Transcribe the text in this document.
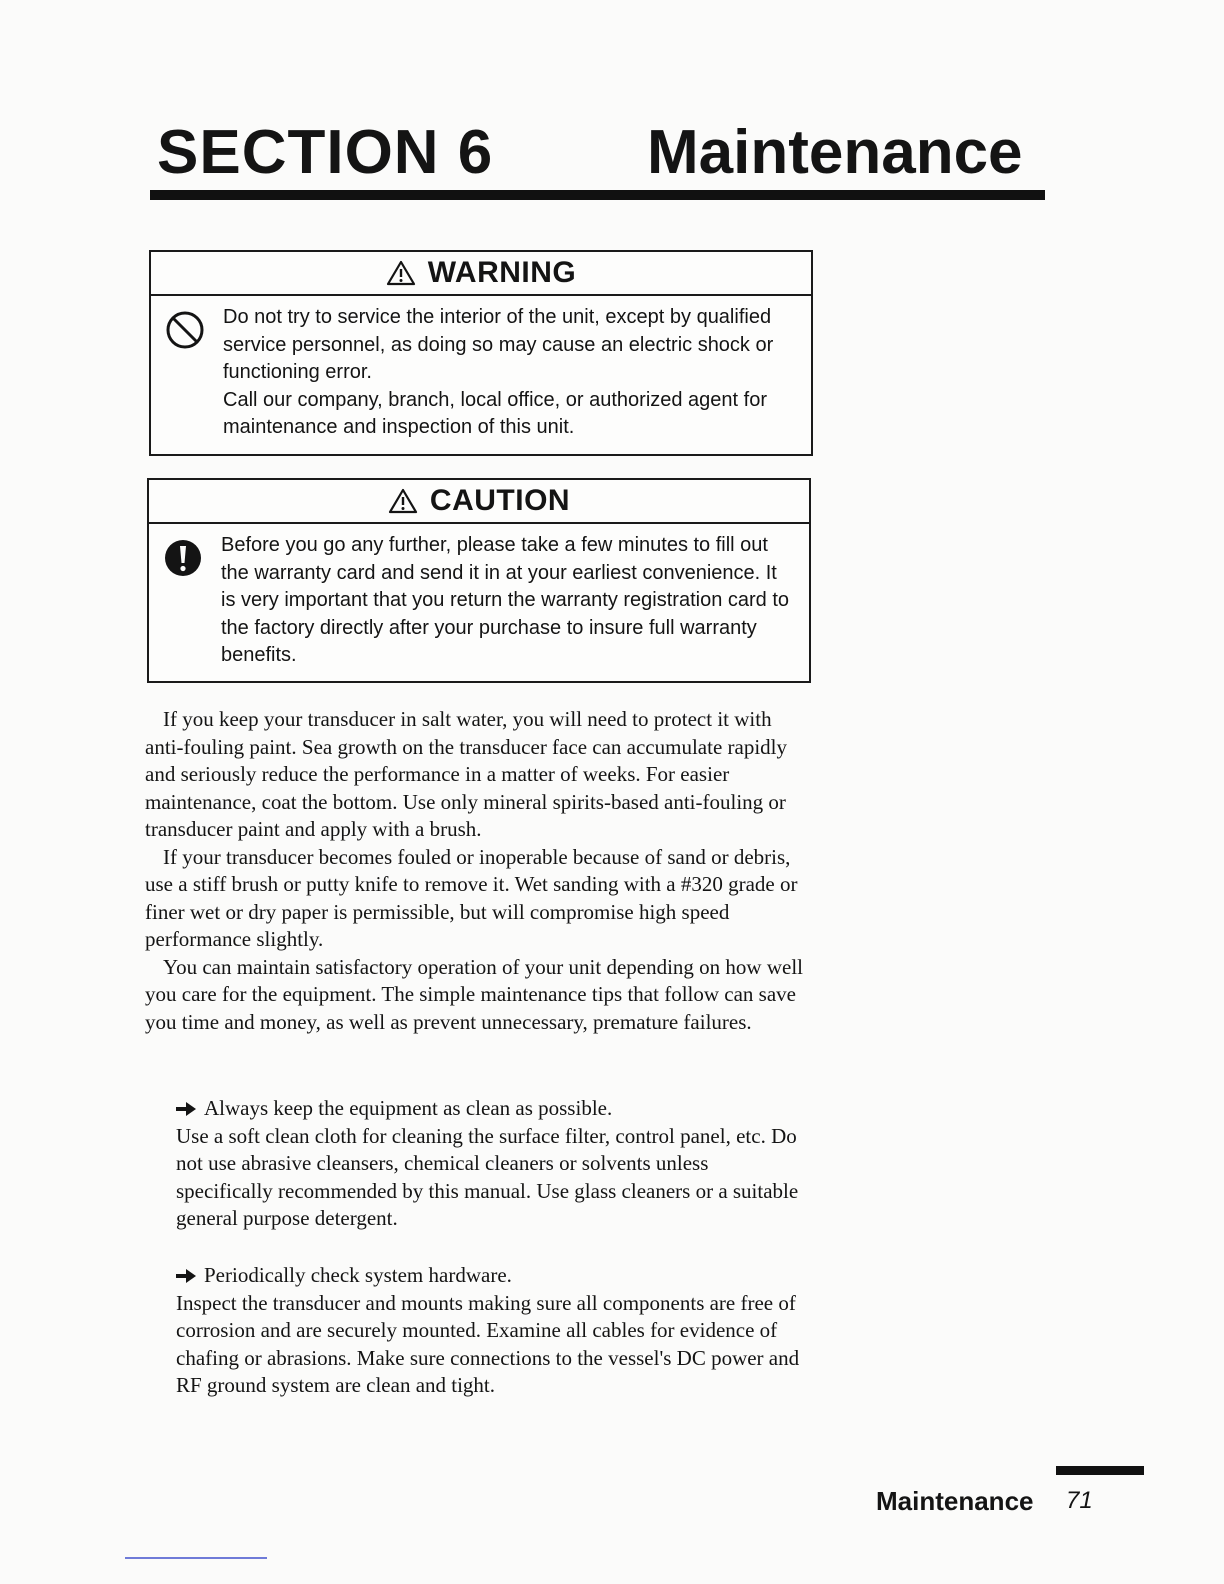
SECTION 6 Maintenance
WARNING

Do not try to service the interior of the unit, except by qualified service personnel, as doing so may cause an electric shock or functioning error.

Call our company, branch, local office, or authorized agent for maintenance and inspection of this unit.

CAUTION

Before you go any further, please take a few minutes to fill out the warranty card and send it in at your earliest convenience. It is very important that you return the warranty registration card to the factory directly after your purchase to insure full warranty benefits.

If you keep your transducer in salt water, you will need to protect it with anti-fouling paint. Sea growth on the transducer face can accumulate rapidly and seriously reduce the performance in a matter of weeks. For easier maintenance, coat the bottom. Use only mineral spirits-based anti-fouling or transducer paint and apply with a brush.

If your transducer becomes fouled or inoperable because of sand or debris, use a stiff brush or putty knife to remove it. Wet sanding with a #320 grade or finer wet or dry paper is permissible, but will compromise high speed performance slightly.

You can maintain satisfactory operation of your unit depending on how well you care for the equipment. The simple maintenance tips that follow can save you time and money, as well as prevent unnecessary, premature failures.

Always keep the equipment as clean as possible.

Use a soft clean cloth for cleaning the surface filter, control panel, etc. Do not use abrasive cleansers, chemical cleaners or solvents unless specifically recommended by this manual. Use glass cleaners or a suitable general purpose detergent.

Periodically check system hardware.

Inspect the transducer and mounts making sure all components are free of corrosion and are securely mounted. Examine all cables for evidence of chafing or abrasions. Make sure connections to the vessel's DC power and RF ground system are clean and tight.

Maintenance 71
